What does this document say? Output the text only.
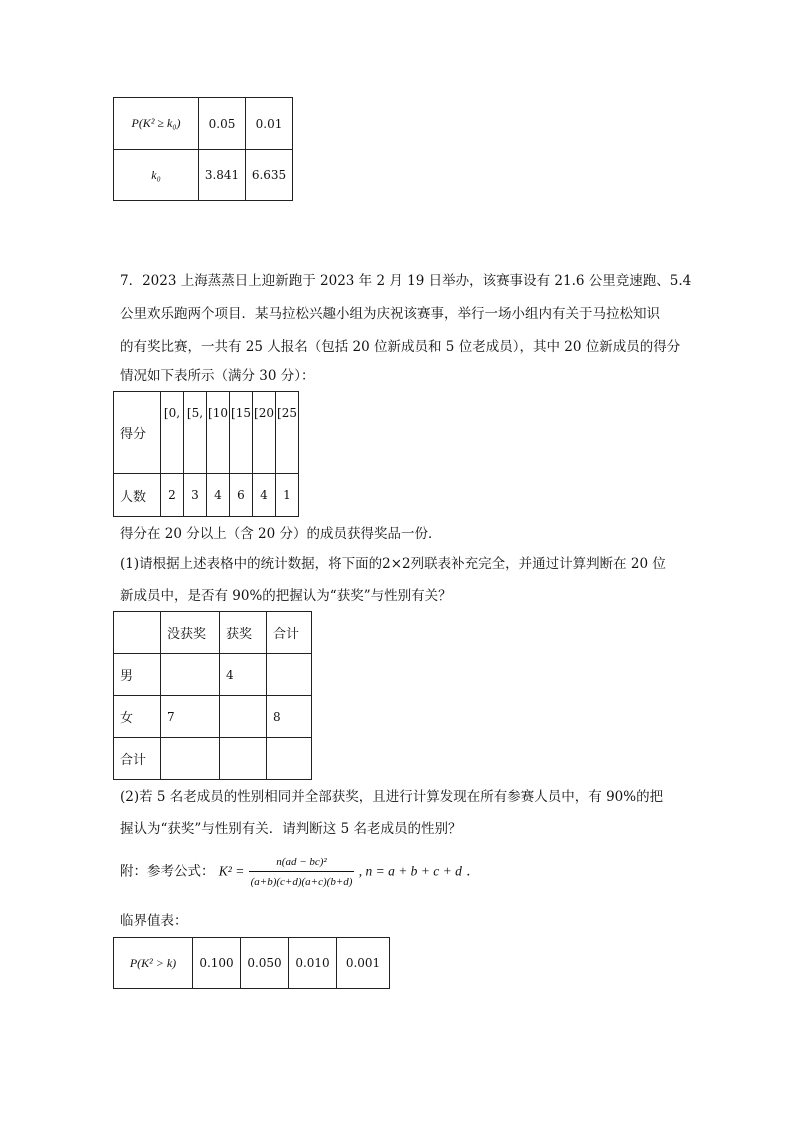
P(K² ≥ k₀)	0.05	0.01
k₀	3.841	6.635
7．2023 上海蒸蒸日上迎新跑于 2023 年 2 月 19 日举办，该赛事设有 21.6 公里竞速跑、5.4
公里欢乐跑两个项目．某马拉松兴趣小组为庆祝该赛事，举行一场小组内有关于马拉松知识
的有奖比赛，一共有 25 人报名（包括 20 位新成员和 5 位老成员），其中 20 位新成员的得分
情况如下表所示（满分 30 分）：
得分	[0,	[5,	[10	[15	[20	[25
人数	2	3	4	6	4	1
得分在 20 分以上（含 20 分）的成员获得奖品一份．
(1)请根据上述表格中的统计数据，将下面的2×2列联表补充完全，并通过计算判断在 20 位
新成员中，是否有 90%的把握认为“获奖”与性别有关？
	没获奖	获奖	合计
男		4	
女	7		8
合计			
(2)若 5 名老成员的性别相同并全部获奖，且进行计算发现在所有参赛人员中，有 90%的把
握认为“获奖”与性别有关．请判断这 5 名老成员的性别？
附：参考公式： $K^2 = \frac{\text{n(ad − bc)²}}{(a+b)(c+d)(a+c)(b+d)}$ , n = a + b + c + d ．
临界值表：
P(K² > k)	0.100	0.050	0.010	0.001
